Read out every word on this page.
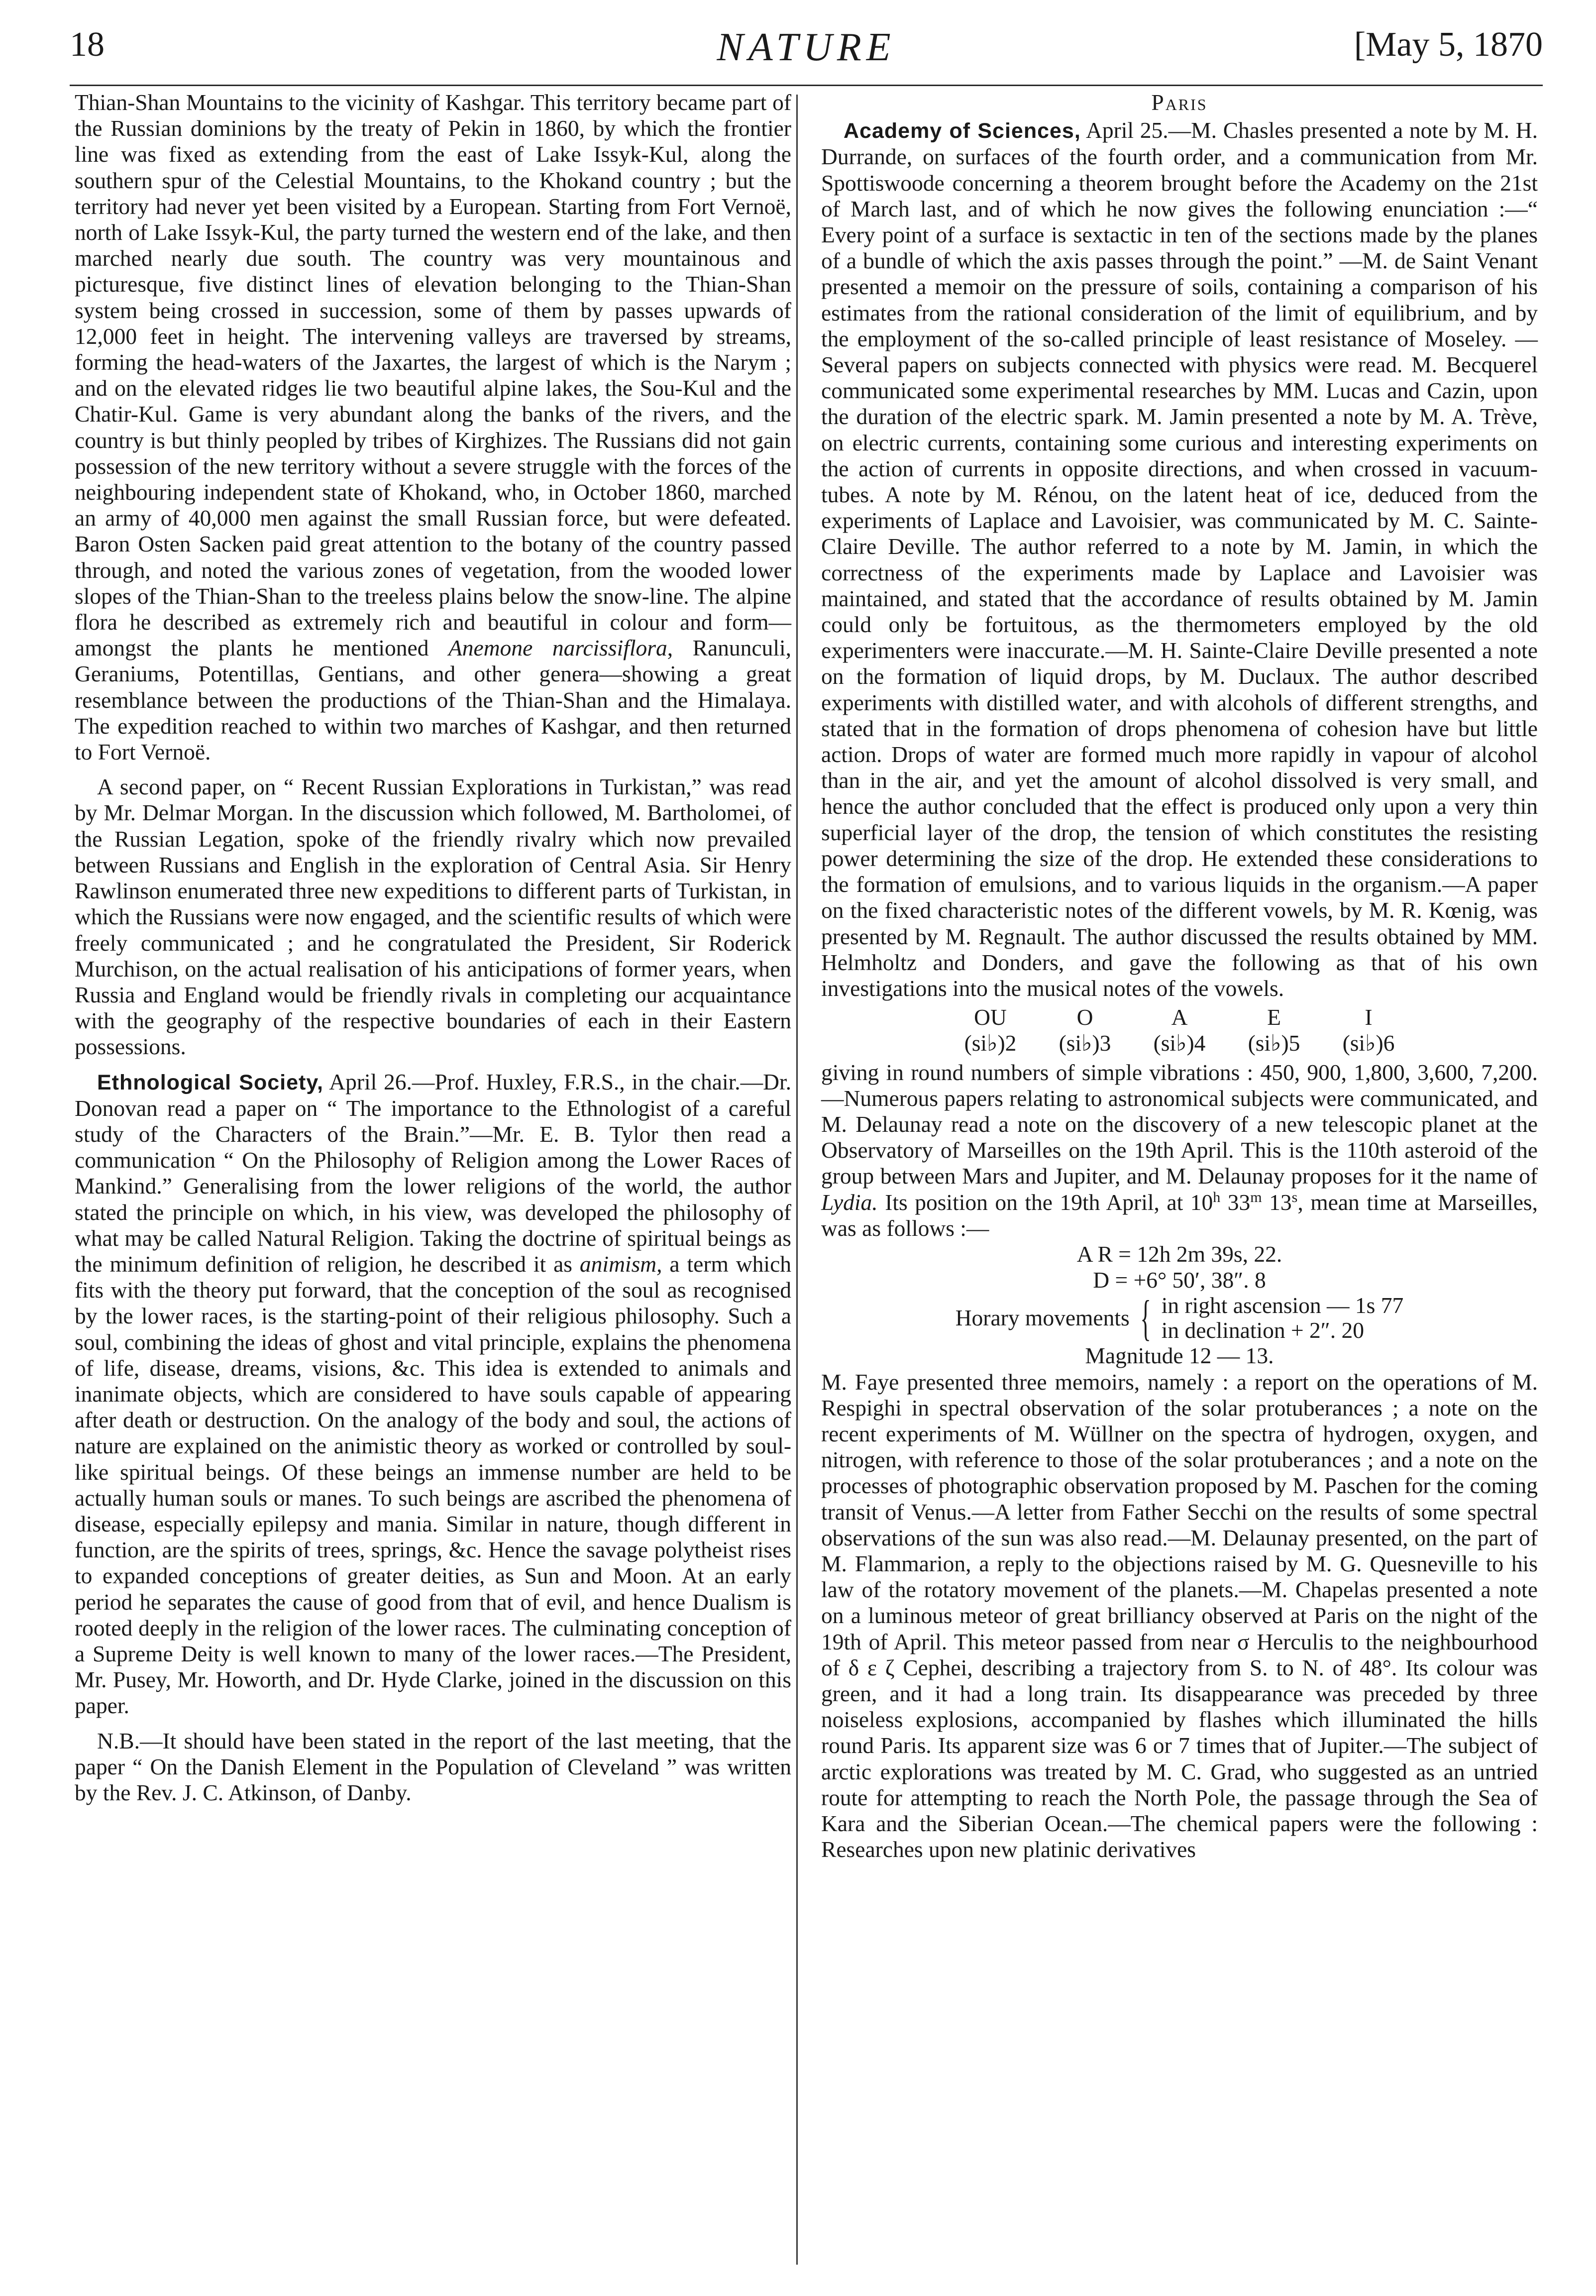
18	NATURE	[May 5, 1870

Thian-Shan Mountains to the vicinity of Kashgar. This territory became part of the Russian dominions by the treaty of Pekin in 1860, by which the frontier line was fixed as extending from the east of Lake Issyk-Kul, along the southern spur of the Celestial Mountains, to the Khokand country ; but the territory had never yet been visited by a European. Starting from Fort Vernoë, north of Lake Issyk-Kul, the party turned the western end of the lake, and then marched nearly due south. The country was very mountainous and picturesque, five distinct lines of elevation belonging to the Thian-Shan system being crossed in succession, some of them by passes upwards of 12,000 feet in height. The intervening valleys are traversed by streams, forming the head-waters of the Jaxartes, the largest of which is the Narym ; and on the elevated ridges lie two beautiful alpine lakes, the Sou-Kul and the Chatir-Kul. Game is very abundant along the banks of the rivers, and the country is but thinly peopled by tribes of Kirghizes. The Russians did not gain possession of the new territory without a severe struggle with the forces of the neighbouring independent state of Khokand, who, in October 1860, marched an army of 40,000 men against the small Russian force, but were defeated. Baron Osten Sacken paid great attention to the botany of the country passed through, and noted the various zones of vegetation, from the wooded lower slopes of the Thian-Shan to the treeless plains below the snow-line. The alpine flora he described as extremely rich and beautiful in colour and form—amongst the plants he mentioned Anemone narcissiflora, Ranunculi, Geraniums, Potentillas, Gentians, and other genera—showing a great resemblance between the productions of the Thian-Shan and the Himalaya. The expedition reached to within two marches of Kashgar, and then returned to Fort Vernoë.

A second paper, on “ Recent Russian Explorations in Turkistan,” was read by Mr. Delmar Morgan. In the discussion which followed, M. Bartholomei, of the Russian Legation, spoke of the friendly rivalry which now prevailed between Russians and English in the exploration of Central Asia. Sir Henry Rawlinson enumerated three new expeditions to different parts of Turkistan, in which the Russians were now engaged, and the scientific results of which were freely communicated ; and he congratulated the President, Sir Roderick Murchison, on the actual realisation of his anticipations of former years, when Russia and England would be friendly rivals in completing our acquaintance with the geography of the respective boundaries of each in their Eastern possessions.

Ethnological Society, April 26.—Prof. Huxley, F.R.S., in the chair.—Dr. Donovan read a paper on “ The importance to the Ethnologist of a careful study of the Characters of the Brain.”—Mr. E. B. Tylor then read a communication “ On the Philosophy of Religion among the Lower Races of Mankind.” Generalising from the lower religions of the world, the author stated the principle on which, in his view, was developed the philosophy of what may be called Natural Religion. Taking the doctrine of spiritual beings as the minimum definition of religion, he described it as animism, a term which fits with the theory put forward, that the conception of the soul as recognised by the lower races, is the starting-point of their religious philosophy. Such a soul, combining the ideas of ghost and vital principle, explains the phenomena of life, disease, dreams, visions, &c. This idea is extended to animals and inanimate objects, which are considered to have souls capable of appearing after death or destruction. On the analogy of the body and soul, the actions of nature are explained on the animistic theory as worked or controlled by soul-like spiritual beings. Of these beings an immense number are held to be actually human souls or manes. To such beings are ascribed the phenomena of disease, especially epilepsy and mania. Similar in nature, though different in function, are the spirits of trees, springs, &c. Hence the savage polytheist rises to expanded conceptions of greater deities, as Sun and Moon. At an early period he separates the cause of good from that of evil, and hence Dualism is rooted deeply in the religion of the lower races. The culminating conception of a Supreme Deity is well known to many of the lower races.—The President, Mr. Pusey, Mr. Howorth, and Dr. Hyde Clarke, joined in the discussion on this paper.

N.B.—It should have been stated in the report of the last meeting, that the paper “ On the Danish Element in the Population of Cleveland ” was written by the Rev. J. C. Atkinson, of Danby.

Paris

Academy of Sciences, April 25.—M. Chasles presented a note by M. H. Durrande, on surfaces of the fourth order, and a communication from Mr. Spottiswoode concerning a theorem brought before the Academy on the 21st of March last, and of which he now gives the following enunciation :—“ Every point of a surface is sextactic in ten of the sections made by the planes of a bundle of which the axis passes through the point.” —M. de Saint Venant presented a memoir on the pressure of soils, containing a comparison of his estimates from the rational consideration of the limit of equilibrium, and by the employment of the so-called principle of least resistance of Moseley. —Several papers on subjects connected with physics were read. M. Becquerel communicated some experimental researches by MM. Lucas and Cazin, upon the duration of the electric spark. M. Jamin presented a note by M. A. Trève, on electric currents, containing some curious and interesting experiments on the action of currents in opposite directions, and when crossed in vacuum-tubes. A note by M. Rénou, on the latent heat of ice, deduced from the experiments of Laplace and Lavoisier, was communicated by M. C. Sainte-Claire Deville. The author referred to a note by M. Jamin, in which the correctness of the experiments made by Laplace and Lavoisier was maintained, and stated that the accordance of results obtained by M. Jamin could only be fortuitous, as the thermometers employed by the old experimenters were inaccurate.—M. H. Sainte-Claire Deville presented a note on the formation of liquid drops, by M. Duclaux. The author described experiments with distilled water, and with alcohols of different strengths, and stated that in the formation of drops phenomena of cohesion have but little action. Drops of water are formed much more rapidly in vapour of alcohol than in the air, and yet the amount of alcohol dissolved is very small, and hence the author concluded that the effect is produced only upon a very thin superficial layer of the drop, the tension of which constitutes the resisting power determining the size of the drop. He extended these considerations to the formation of emulsions, and to various liquids in the organism.—A paper on the fixed characteristic notes of the different vowels, by M. R. Kœnig, was presented by M. Regnault. The author discussed the results obtained by MM. Helmholtz and Donders, and gave the following as that of his own investigations into the musical notes of the vowels.

OU	O	A	E	I
(si♭)2	(si♭)3	(si♭)4	(si♭)5	(si♭)6

giving in round numbers of simple vibrations : 450, 900, 1,800, 3,600, 7,200.—Numerous papers relating to astronomical subjects were communicated, and M. Delaunay read a note on the discovery of a new telescopic planet at the Observatory of Marseilles on the 19th April. This is the 110th asteroid of the group between Mars and Jupiter, and M. Delaunay proposes for it the name of Lydia. Its position on the 19th April, at 10$^h$ 33$^m$ 13$^s$, mean time at Marseilles, was as follows :—

A R = 12h 2m 39s, 22.
D = +6° 50′, 38″. 8
Horary movements { in right ascension — 1s 77
in declination + 2″. 20
Magnitude 12 — 13.

M. Faye presented three memoirs, namely : a report on the operations of M. Respighi in spectral observation of the solar protuberances ; a note on the recent experiments of M. Wüllner on the spectra of hydrogen, oxygen, and nitrogen, with reference to those of the solar protuberances ; and a note on the processes of photographic observation proposed by M. Paschen for the coming transit of Venus.—A letter from Father Secchi on the results of some spectral observations of the sun was also read.—M. Delaunay presented, on the part of M. Flammarion, a reply to the objections raised by M. G. Quesneville to his law of the rotatory movement of the planets.—M. Chapelas presented a note on a luminous meteor of great brilliancy observed at Paris on the night of the 19th of April. This meteor passed from near σ Herculis to the neighbourhood of δ ε ζ Cephei, describing a trajectory from S. to N. of 48°. Its colour was green, and it had a long train. Its disappearance was preceded by three noiseless explosions, accompanied by flashes which illuminated the hills round Paris. Its apparent size was 6 or 7 times that of Jupiter.—The subject of arctic explorations was treated by M. C. Grad, who suggested as an untried route for attempting to reach the North Pole, the passage through the Sea of Kara and the Siberian Ocean.—The chemical papers were the following : Researches upon new platinic derivatives
